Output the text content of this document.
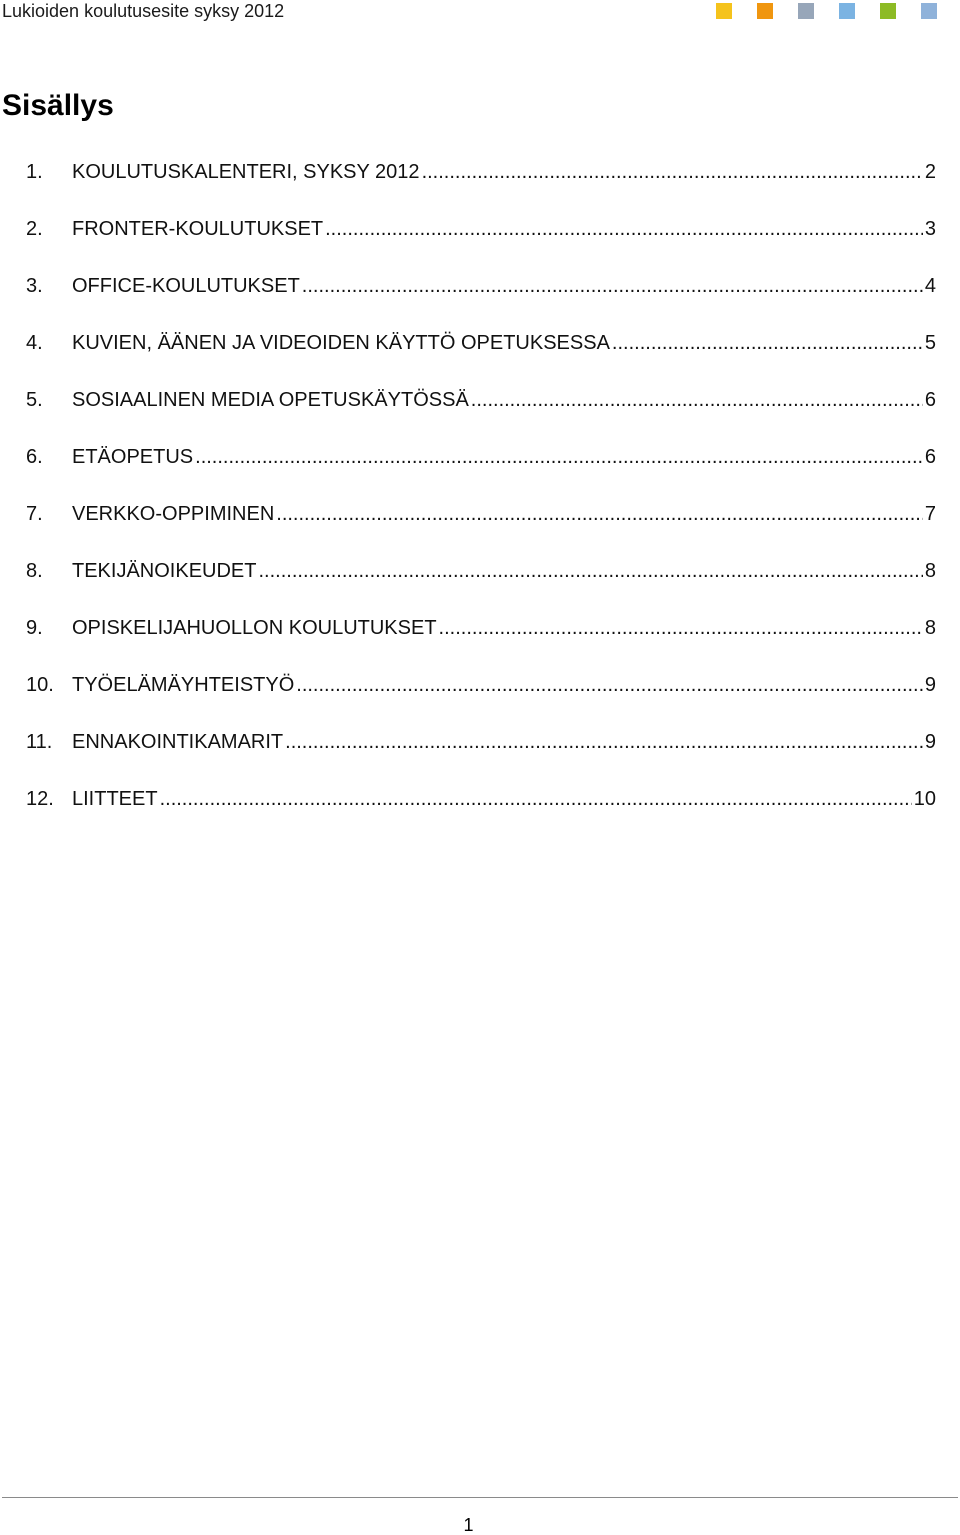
Lukioiden koulutusesite syksy 2012
Sisällys
1.	KOULUTUSKALENTERI, SYKSY 2012 .....	2
2.	FRONTER-KOULUTUKSET .....	3
3.	OFFICE-KOULUTUKSET .....	4
4.	KUVIEN, ÄÄNEN JA VIDEOIDEN KÄYTTÖ OPETUKSESSA .....	5
5.	SOSIAALINEN MEDIA OPETUSKÄYTÖSSÄ .....	6
6.	ETÄOPETUS .....	6
7.	VERKKO-OPPIMINEN .....	7
8.	TEKIJÄNOIKEUDET .....	8
9.	OPISKELIJAHUOLLON KOULUTUKSET .....	8
10. TYÖELÄMÄYHTEISTYÖ .....	9
11. ENNAKOINTIKAMARIT .....	9
12. LIITTEET .....	10
1
